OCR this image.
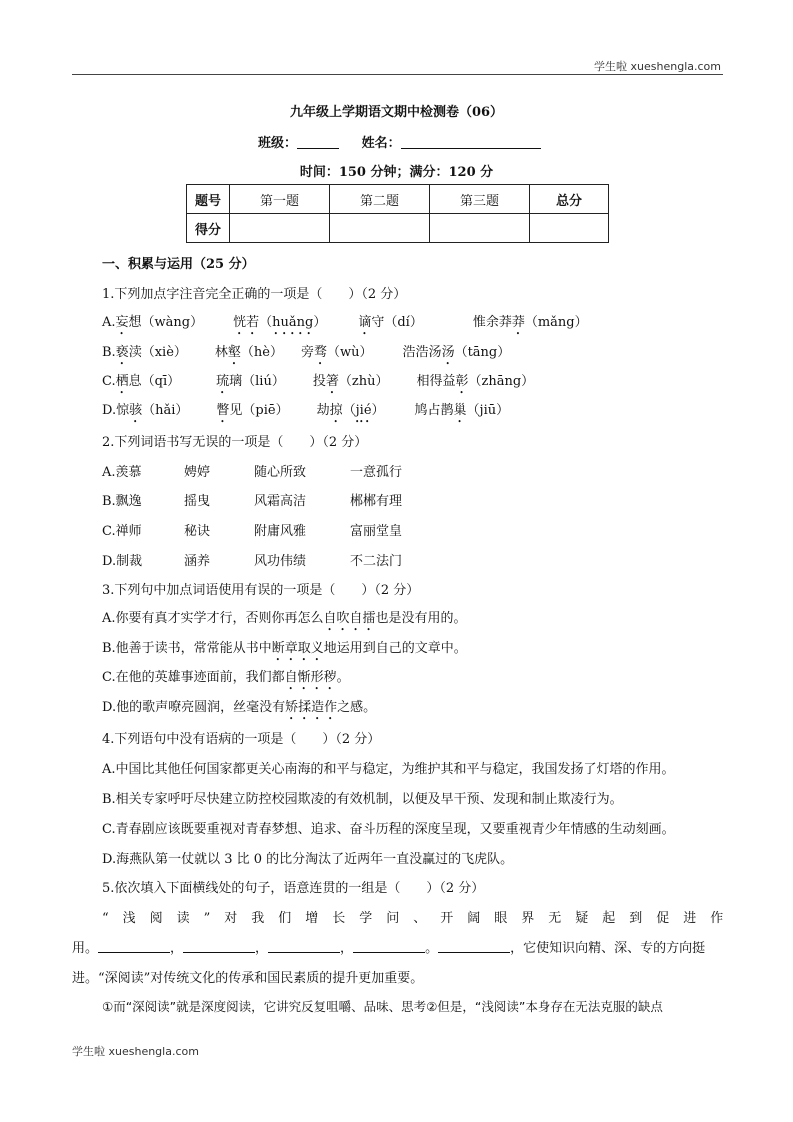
学生啦 xueshengla.com
九年级上学期语文期中检测卷（06）
班级：	姓名：
时间：150 分钟；满分：120 分
题号	第一题	第二题	第三题	总分
得分				
一、积累与运用（25 分）
1.下列加点字注音完全正确的一项是（　　）（2 分）
A.妄想（wàng） 恍若（huǎng） 谪守（dí）	惟余莽莽（mǎng）
B.亵渎（xiè） 林壑（hè） 旁骛（wù） 浩浩汤汤（tāng）
C.栖息（qī）	琉璃（liú） 投箸（zhù） 相得益彰（zhāng）
D.惊骇（hǎi） 瞥见（piē） 劫掠（jié） 鸠占鹊巢（jiū）
2.下列词语书写无误的一项是（　　）（2 分）
A.羡慕	娉婷	随心所致	一意孤行
B.飘逸	摇曳	风霜高洁	郴郴有理
C.禅师	秘诀	附庸风雅	富丽堂皇
D.制裁	涵养	风功伟绩	不二法门
3.下列句中加点词语使用有误的一项是（　　）（2 分）
A.你要有真才实学才行，否则你再怎么自吹自擂也是没有用的。
B.他善于读书，常常能从书中断章取义地运用到自己的文章中。
C.在他的英雄事迹面前，我们都自惭形秽。
D.他的歌声嘹亮圆润，丝毫没有矫揉造作之感。
4.下列语句中没有语病的一项是（　　）（2 分）
A.中国比其他任何国家都更关心南海的和平与稳定，为维护其和平与稳定，我国发扬了灯塔的作用。
B.相关专家呼吁尽快建立防控校园欺凌的有效机制，以便及早干预、发现和制止欺凌行为。
C.青春剧应该既要重视对青春梦想、追求、奋斗历程的深度呈现，又要重视青少年情感的生动刻画。
D.海燕队第一仗就以 3 比 0 的比分淘汰了近两年一直没赢过的飞虎队。
5.依次填入下面横线处的句子，语意连贯的一组是（　　）（2 分）
“浅阅读”对我们增长学问、开阔眼界无疑起到促进作
用。	，	，	，	。	，它使知识向精、深、专的方向挺
进。“深阅读”对传统文化的传承和国民素质的提升更加重要。
①而“深阅读”就是深度阅读，它讲究反复咀嚼、品味、思考②但是，“浅阅读”本身存在无法克服的缺点
学生啦 xueshengla.com
